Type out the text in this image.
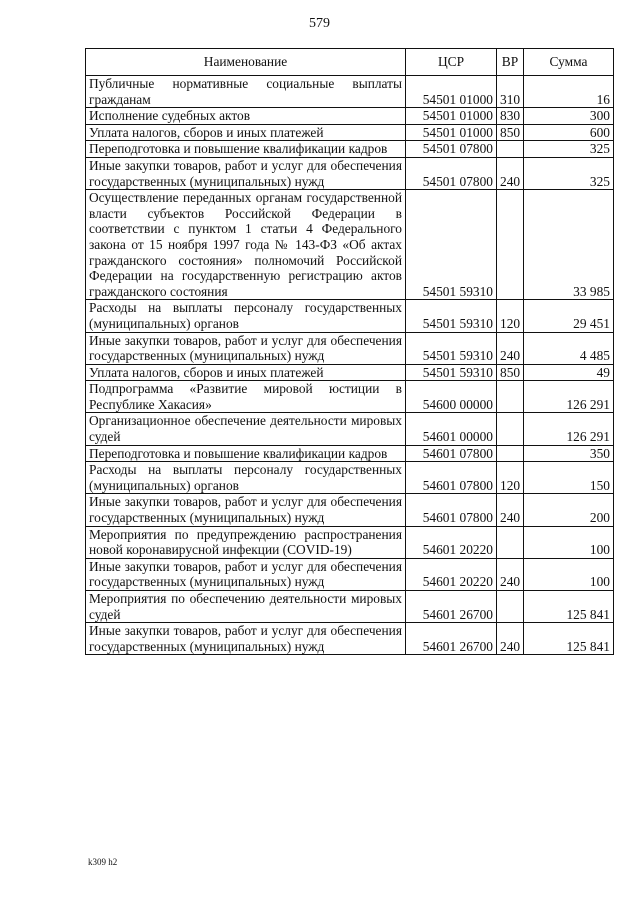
579
Наименование	ЦСР	ВР	Сумма
Публичные нормативные социальные выплаты гражданам	54501 01000	310	16
Исполнение судебных актов	54501 01000	830	300
Уплата налогов, сборов и иных платежей	54501 01000	850	600
Переподготовка и повышение квалификации кадров	54501 07800		325
Иные закупки товаров, работ и услуг для обеспечения государственных (муниципальных) нужд	54501 07800	240	325
Осуществление переданных органам государственной власти субъектов Российской Федерации в соответствии с пунктом 1 статьи 4 Федерального закона от 15 ноября 1997 года № 143-ФЗ «Об актах гражданского состояния» полномочий Российской Федерации на государственную регистрацию актов гражданского состояния	54501 59310		33 985
Расходы на выплаты персоналу государственных (муниципальных) органов	54501 59310	120	29 451
Иные закупки товаров, работ и услуг для обеспечения государственных (муниципальных) нужд	54501 59310	240	4 485
Уплата налогов, сборов и иных платежей	54501 59310	850	49
Подпрограмма «Развитие мировой юстиции в Республике Хакасия»	54600 00000		126 291
Организационное обеспечение деятельности мировых судей	54601 00000		126 291
Переподготовка и повышение квалификации кадров	54601 07800		350
Расходы на выплаты персоналу государственных (муниципальных) органов	54601 07800	120	150
Иные закупки товаров, работ и услуг для обеспечения государственных (муниципальных) нужд	54601 07800	240	200
Мероприятия по предупреждению распространения новой коронавирусной инфекции (COVID-19)	54601 20220		100
Иные закупки товаров, работ и услуг для обеспечения государственных (муниципальных) нужд	54601 20220	240	100
Мероприятия по обеспечению деятельности мировых судей	54601 26700		125 841
Иные закупки товаров, работ и услуг для обеспечения государственных (муниципальных) нужд	54601 26700	240	125 841
k309 h2
